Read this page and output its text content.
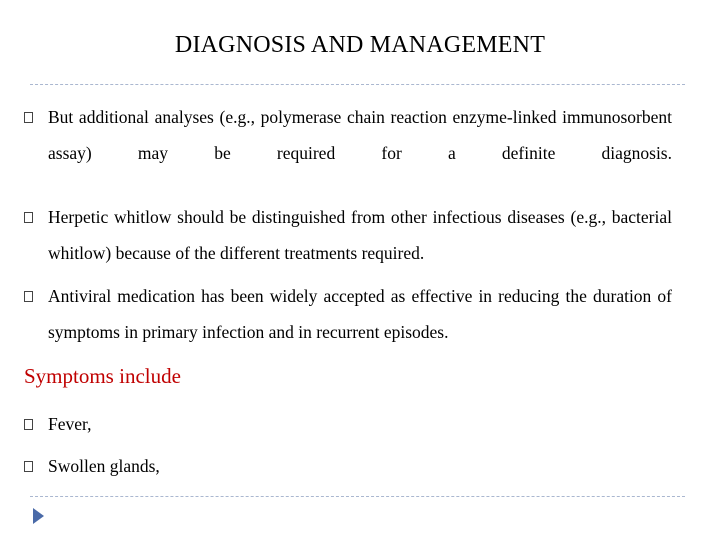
DIAGNOSIS AND MANAGEMENT
But additional analyses (e.g., polymerase chain reaction enzyme-linked immunosorbent assay) may be required for a definite diagnosis.
Herpetic whitlow should be distinguished from other infectious diseases (e.g., bacterial whitlow) because of the different treatments required.
Antiviral medication has been widely accepted as effective in reducing the duration of symptoms in primary infection and in recurrent episodes.
Symptoms include
Fever,
Swollen glands,
